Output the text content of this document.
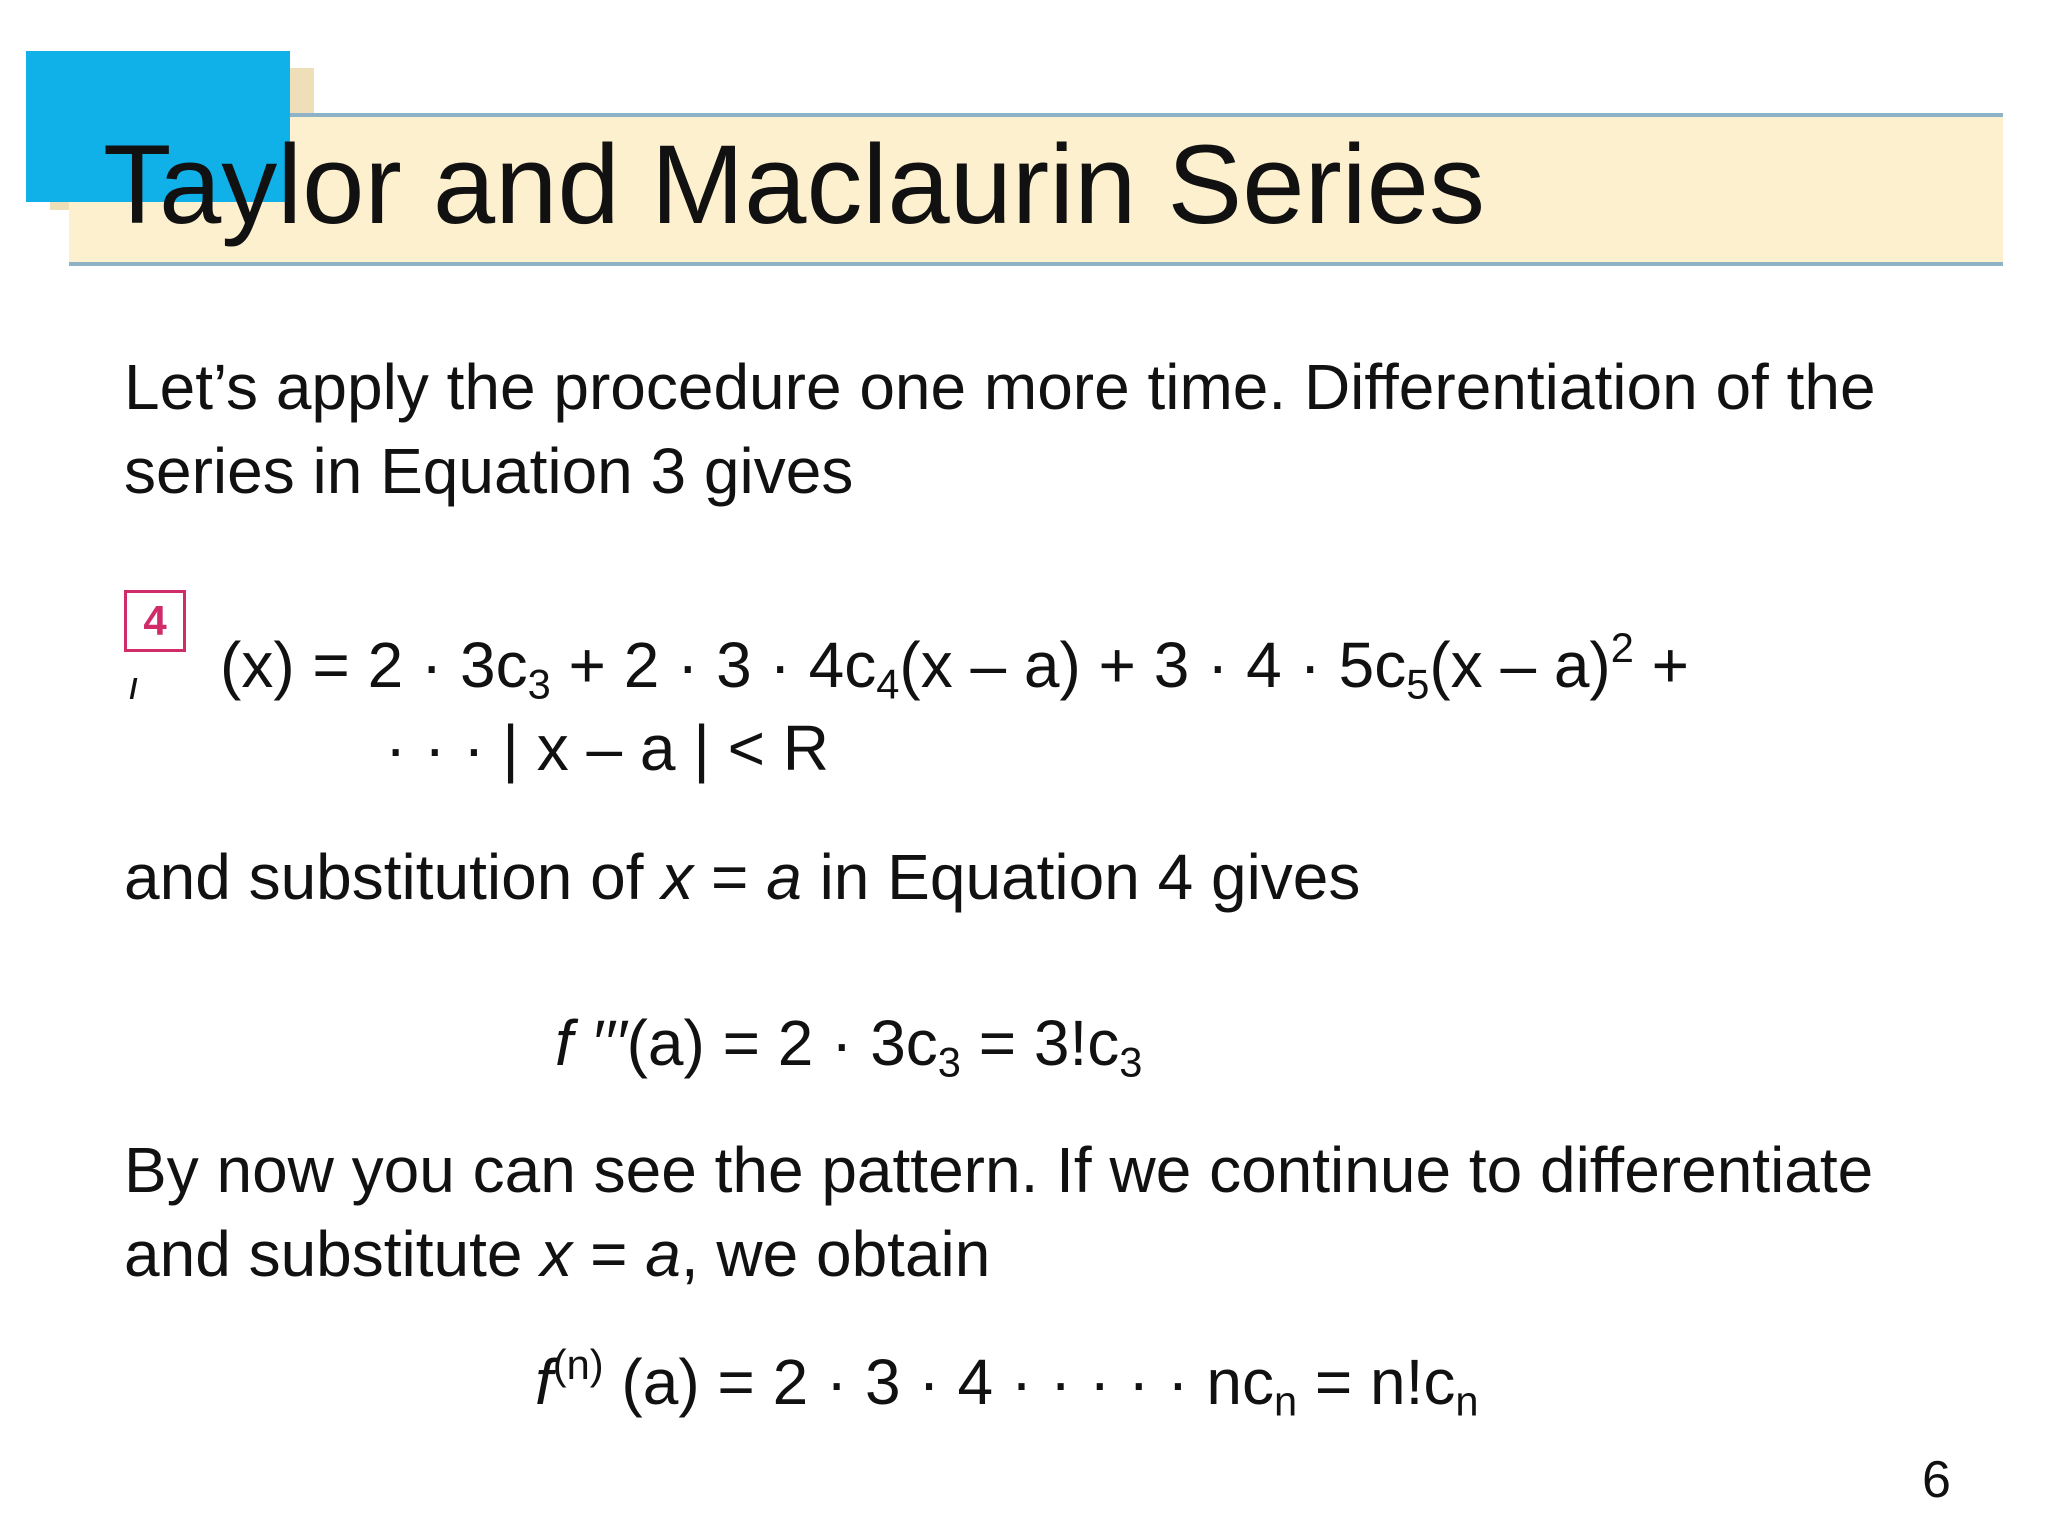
Taylor and Maclaurin Series

Let’s apply the procedure one more time. Differentiation of the series in Equation 3 gives

4
ı $(x) = 2 \cdot 3c_3 + 2 \cdot 3 \cdot 4c_4(x - a) + 3 \cdot 4 \cdot 5c_5(x - a)^2$ +
· · · | x – a | < R

and substitution of x = a in Equation 4 gives

f $'''(a) = 2 \cdot 3c_3 = 3!c_3$

By now you can see the pattern. If we continue to differentiate and substitute x = a, we obtain

$f^{(n)}$ (a) = 2 · 3 · 4 · · · · · $nc_n = n!c_n$
6
